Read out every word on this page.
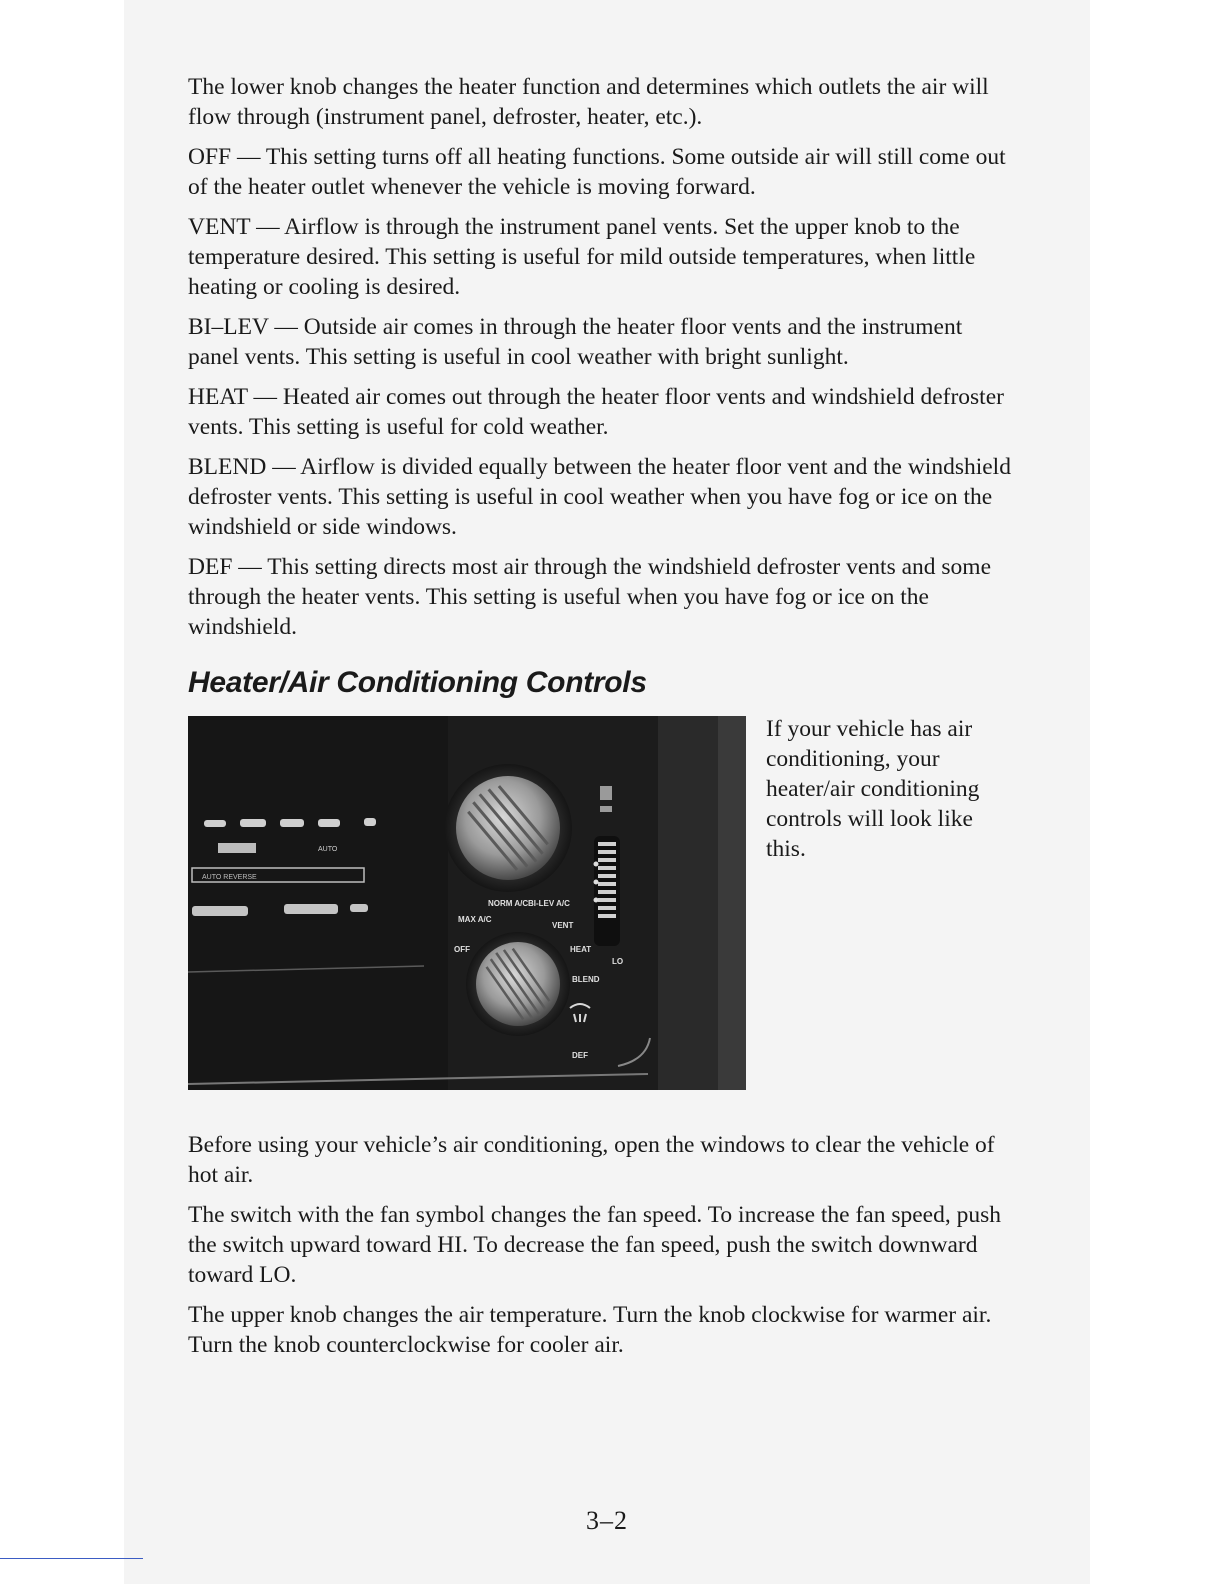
The lower knob changes the heater function and determines which outlets the air will flow through (instrument panel, defroster, heater, etc.).

OFF — This setting turns off all heating functions. Some outside air will still come out of the heater outlet whenever the vehicle is moving forward.

VENT — Airflow is through the instrument panel vents. Set the upper knob to the temperature desired. This setting is useful for mild outside temperatures, when little heating or cooling is desired.

BI–LEV — Outside air comes in through the heater floor vents and the instrument panel vents. This setting is useful in cool weather with bright sunlight.

HEAT — Heated air comes out through the heater floor vents and windshield defroster vents. This setting is useful for cold weather.

BLEND — Airflow is divided equally between the heater floor vent and the windshield defroster vents. This setting is useful in cool weather when you have fog or ice on the windshield or side windows.

DEF — This setting directs most air through the windshield defroster vents and some through the heater vents. This setting is useful when you have fog or ice on the windshield.

Heater/Air Conditioning Controls
AUTO
AUTO REVERSE
MAX A/C
NORM A/C BI-LEV A/C
VENT
OFF	HEAT
BLEND
DEF
LO
If your vehicle has air conditioning, your heater/air conditioning controls will look like this.

Before using your vehicle’s air conditioning, open the windows to clear the vehicle of hot air.

The switch with the fan symbol changes the fan speed. To increase the fan speed, push the switch upward toward HI. To decrease the fan speed, push the switch downward toward LO.

The upper knob changes the air temperature. Turn the knob clockwise for warmer air. Turn the knob counterclockwise for cooler air.

3–2
